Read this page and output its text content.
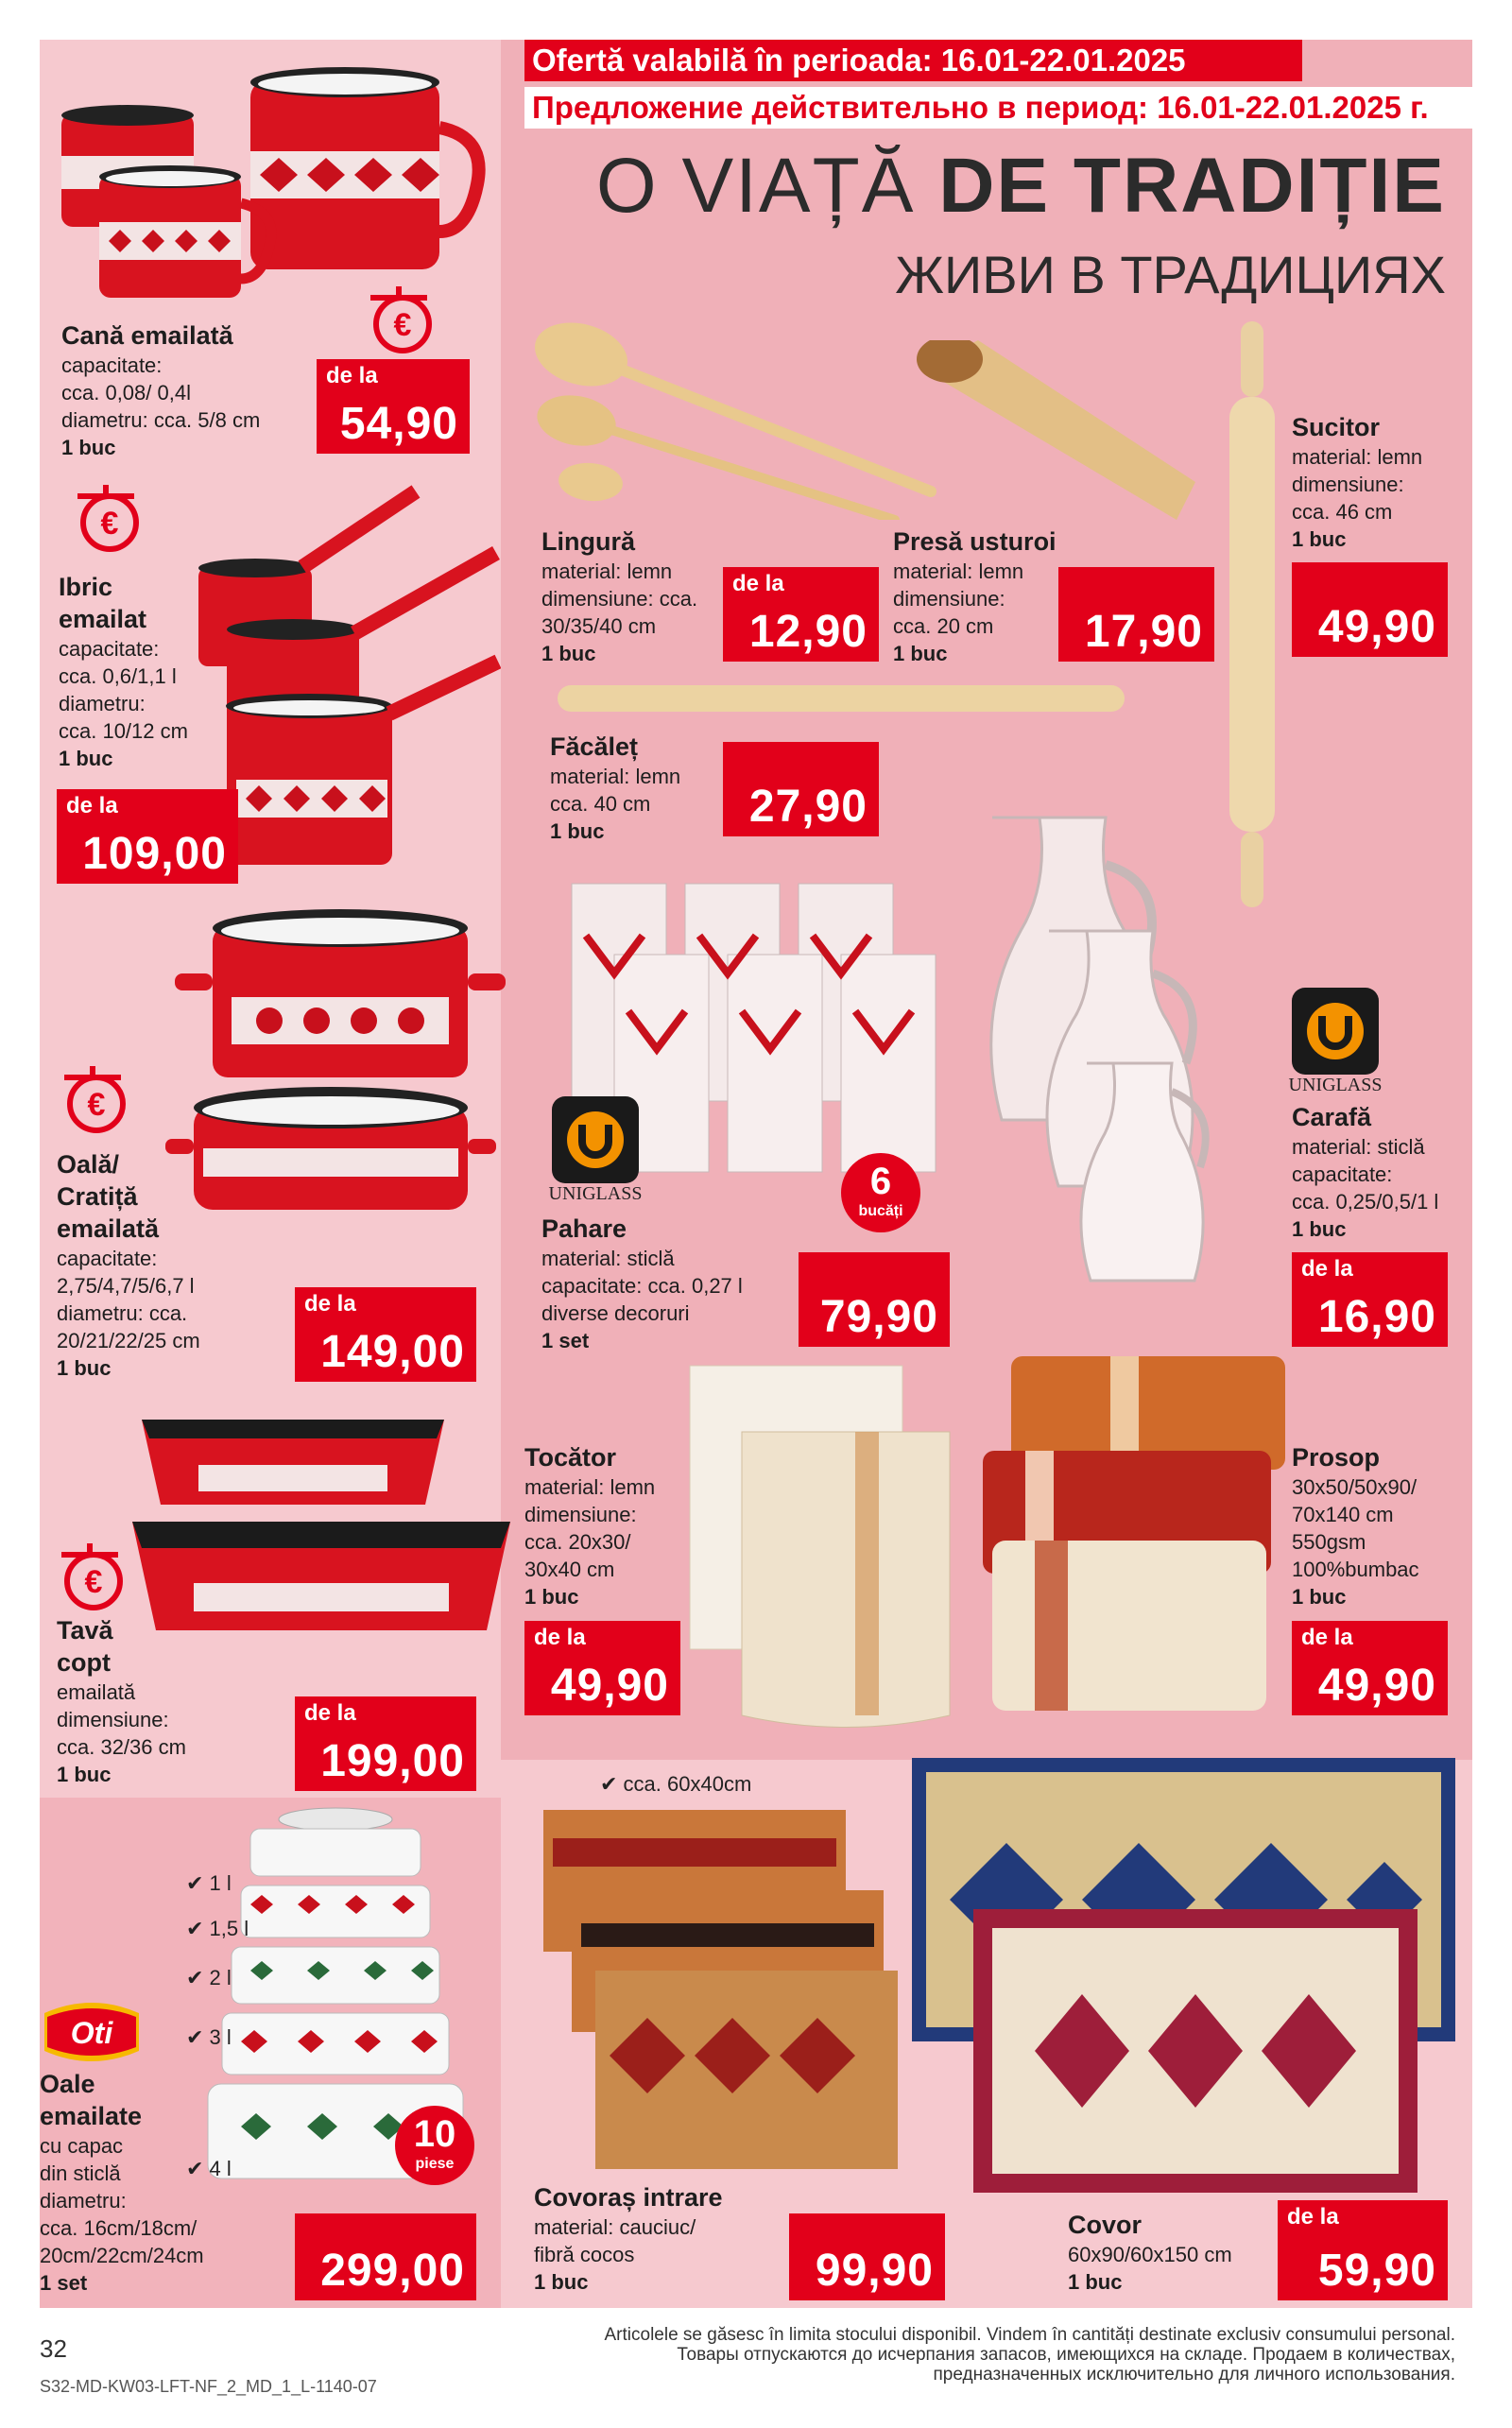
Ofertă valabilă în perioada: 16.01-22.01.2025
Предложение действительно в период: 16.01-22.01.2025 г.
O VIAȚĂ DE TRADIȚIE
ЖИВИ В ТРАДИЦИЯХ
€
Cană emailată
capacitate:
cca. 0,08/ 0,4l
diametru: cca. 5/8 cm
1 buc
de la
54,90
€
Ibric
emailat
capacitate:
cca. 0,6/1,1 l
diametru:
cca. 10/12 cm
1 buc
de la
109,00
€
Oală/
Cratiță
emailată
capacitate:
2,75/4,7/5/6,7 l
diametru: cca.
20/21/22/25 cm
1 buc
de la
149,00
€
Tavă
copt
emailată
dimensiune:
cca. 32/36 cm
1 buc
de la
199,00
✔ 1 l
✔ 1,5 l
✔ 2 l
✔ 3 l
✔ 4 l
Oti
10
piese
Oale
emailate
cu capac
din sticlă
diametru:
cca. 16cm/18cm/
20cm/22cm/24cm
1 set	299,00
Sucitor
material: lemn
dimensiune:
cca. 46 cm
1 buc
49,90
Lingură
material: lemn
dimensiune: cca.
30/35/40 cm
1 buc
de la
12,90
Presă usturoi
material: lemn
dimensiune:
cca. 20 cm
1 buc	17,90
Făcăleț
material: lemn
cca. 40 cm
1 buc	27,90
UNIGLASS	6
bucăți
Pahare
material: sticlă
capacitate: cca. 0,27 l
diverse decoruri
1 set	79,90
UNIGLASS
Carafă
material: sticlă
capacitate:
cca. 0,25/0,5/1 l
1 buc
de la
16,90
Tocător
material: lemn
dimensiune:
cca. 20x30/
30x40 cm
1 buc
de la
49,90
Prosop
30x50/50x90/
70x140 cm
550gsm
100%bumbac
1 buc
de la
49,90
✔ cca. 60x40cm
Covoraș intrare
material: cauciuc/
fibră cocos
1 buc	99,90
Covor
60x90/60x150 cm
1 buc
de la
59,90
32
S32-MD-KW03-LFT-NF_2_MD_1_L-1140-07
Articolele se găsesc în limita stocului disponibil. Vindem în cantități destinate exclusiv consumului personal.
Товары отпускаются до исчерпания запасов, имеющихся на складе. Продаем в количествах,
предназначенных исключительно для личного использования.
